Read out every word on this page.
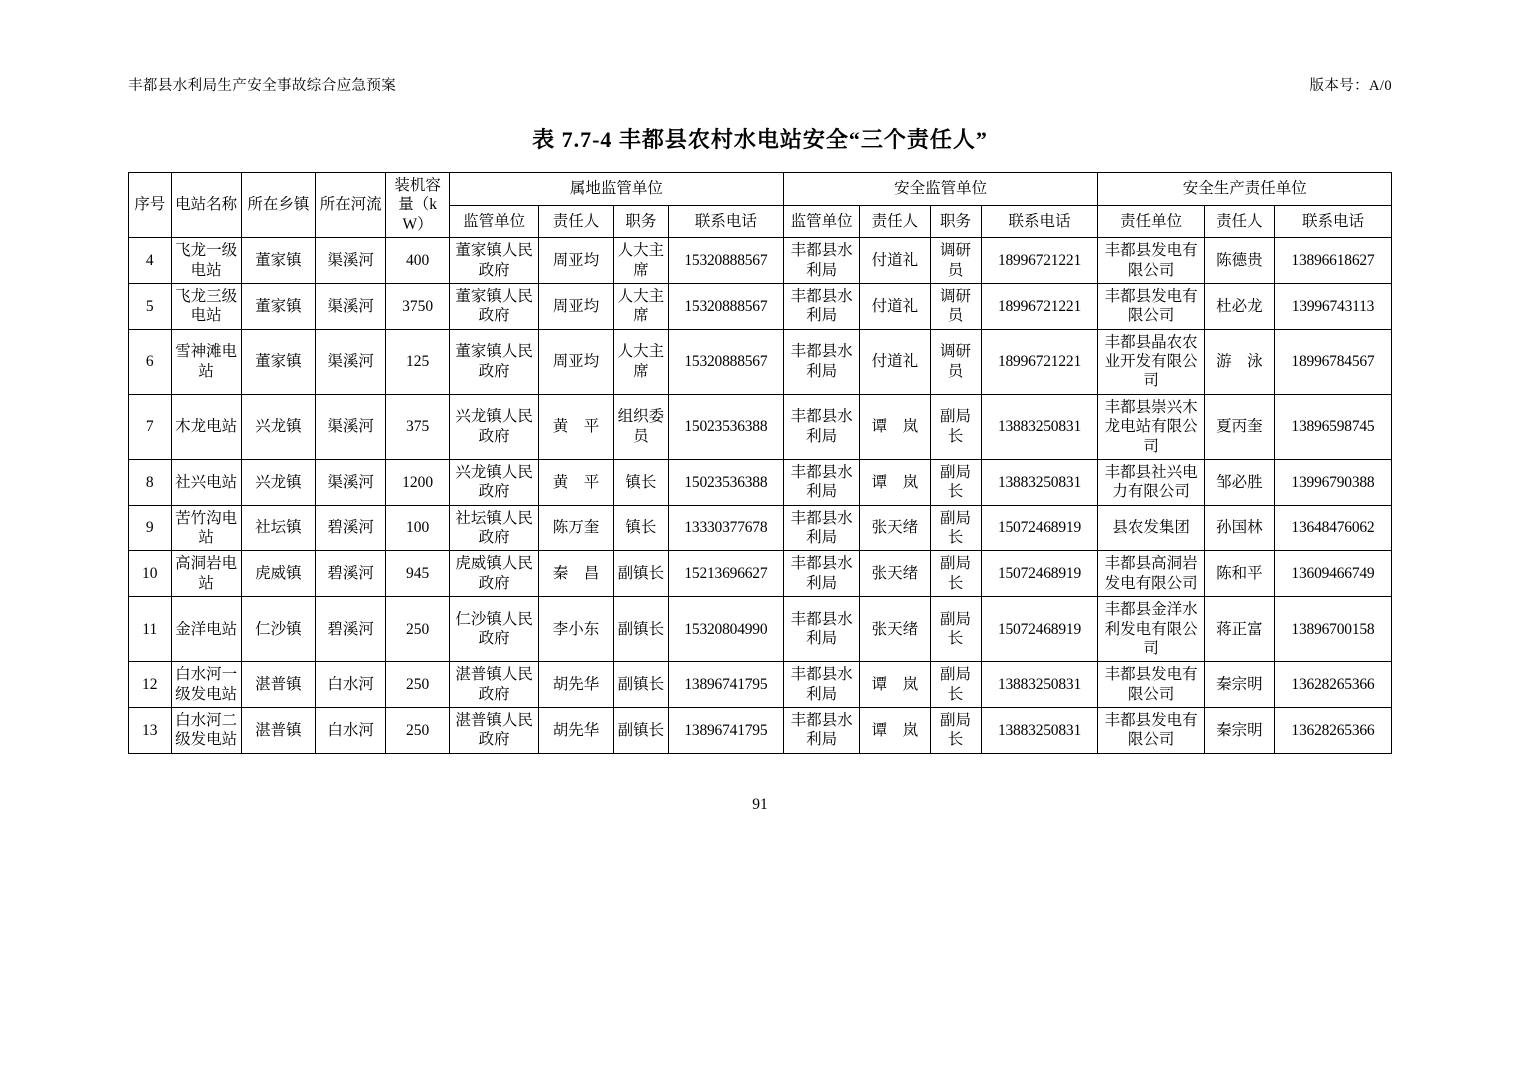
丰都县水利局生产安全事故综合应急预案	版本号：A/0
表 7.7-4 丰都县农村水电站安全“三个责任人”
序号	电站名称	所在乡镇	所在河流	装机容量（kW）	属地监管单位				安全监管单位				安全生产责任单位		
					监管单位	责任人	职务	联系电话	监管单位	责任人	职务	联系电话	责任单位	责任人	联系电话
4	飞龙一级电站	董家镇	渠溪河	400	董家镇人民政府	周亚均	人大主席	15320888567	丰都县水利局	付道礼	调研员	18996721221	丰都县发电有限公司	陈德贵	13896618627
5	飞龙三级电站	董家镇	渠溪河	3750	董家镇人民政府	周亚均	人大主席	15320888567	丰都县水利局	付道礼	调研员	18996721221	丰都县发电有限公司	杜必龙	13996743113
6	雪神滩电站	董家镇	渠溪河	125	董家镇人民政府	周亚均	人大主席	15320888567	丰都县水利局	付道礼	调研员	18996721221	丰都县晶农农业开发有限公司	游　泳	18996784567
7	木龙电站	兴龙镇	渠溪河	375	兴龙镇人民政府	黄　平	组织委员	15023536388	丰都县水利局	谭　岚	副局长	13883250831	丰都县崇兴木龙电站有限公司	夏丙奎	13896598745
8	社兴电站	兴龙镇	渠溪河	1200	兴龙镇人民政府	黄　平	镇长	15023536388	丰都县水利局	谭　岚	副局长	13883250831	丰都县社兴电力有限公司	邹必胜	13996790388
9	苦竹沟电站	社坛镇	碧溪河	100	社坛镇人民政府	陈万奎	镇长	13330377678	丰都县水利局	张天绪	副局长	15072468919	县农发集团	孙国林	13648476062
10	高洞岩电站	虎威镇	碧溪河	945	虎威镇人民政府	秦　昌	副镇长	15213696627	丰都县水利局	张天绪	副局长	15072468919	丰都县高洞岩发电有限公司	陈和平	13609466749
11	金洋电站	仁沙镇	碧溪河	250	仁沙镇人民政府	李小东	副镇长	15320804990	丰都县水利局	张天绪	副局长	15072468919	丰都县金洋水利发电有限公司	蒋正富	13896700158
12	白水河一级发电站	湛普镇	白水河	250	湛普镇人民政府	胡先华	副镇长	13896741795	丰都县水利局	谭　岚	副局长	13883250831	丰都县发电有限公司	秦宗明	13628265366
13	白水河二级发电站	湛普镇	白水河	250	湛普镇人民政府	胡先华	副镇长	13896741795	丰都县水利局	谭　岚	副局长	13883250831	丰都县发电有限公司	秦宗明	13628265366
91
